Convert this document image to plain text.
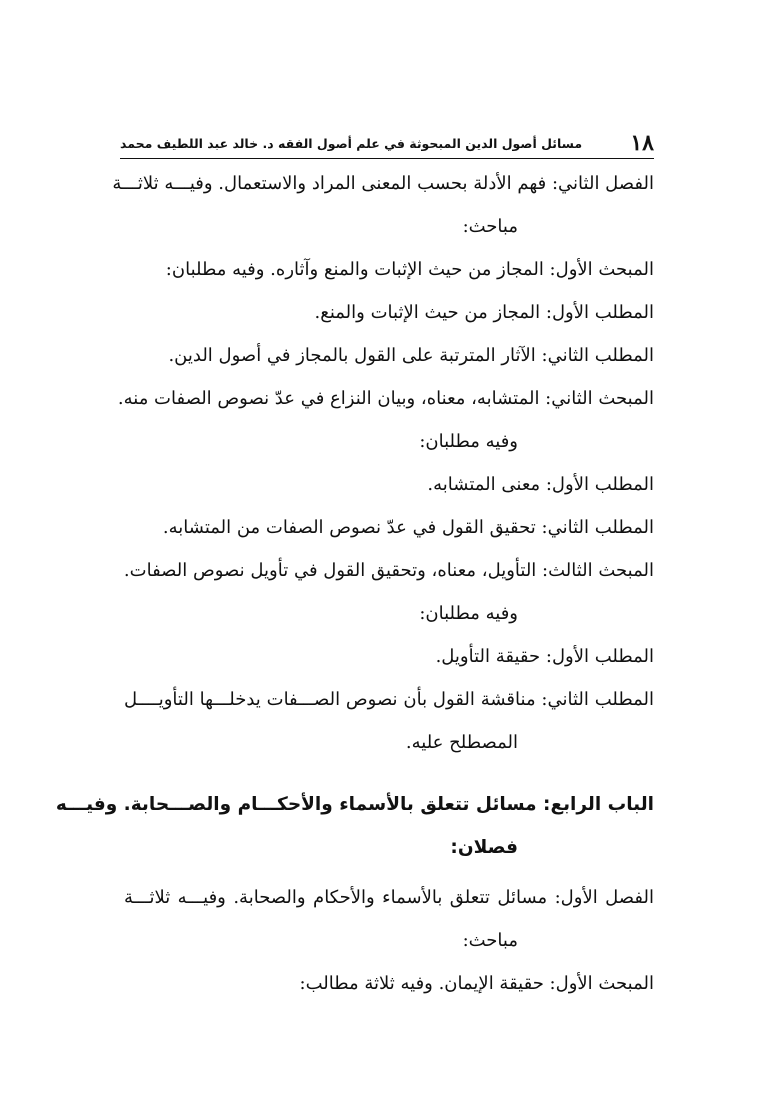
١٨
مسائل أصول الدين المبحوثة في علم أصول الفقه د. خالد عبد اللطيف محمد
الفصل الثاني: فهم الأدلة بحسب المعنى المراد والاستعمال. وفيـــه ثلاثـــة
مباحث:
المبحث الأول: المجاز من حيث الإثبات والمنع وآثاره. وفيه مطلبان:
المطلب الأول: المجاز من حيث الإثبات والمنع.
المطلب الثاني: الآثار المترتبة على القول بالمجاز في أصول الدين.
المبحث الثاني: المتشابه، معناه، وبيان النزاع في عدّ نصوص الصفات منه.
وفيه مطلبان:
المطلب الأول: معنى المتشابه.
المطلب الثاني: تحقيق القول في عدّ نصوص الصفات من المتشابه.
المبحث الثالث: التأويل، معناه، وتحقيق القول في تأويل نصوص الصفات.
وفيه مطلبان:
المطلب الأول: حقيقة التأويل.
المطلب الثاني: مناقشة القول بأن نصوص الصـــفات يدخلـــها التأويــــل
المصطلح عليه.
الباب الرابع: مسائل تتعلق بالأسماء والأحكـــام والصـــحابة. وفيـــه
فصلان:
الفصل الأول: مسائل تتعلق بالأسماء والأحكام والصحابة. وفيـــه ثلاثـــة
مباحث:
المبحث الأول: حقيقة الإيمان. وفيه ثلاثة مطالب:
